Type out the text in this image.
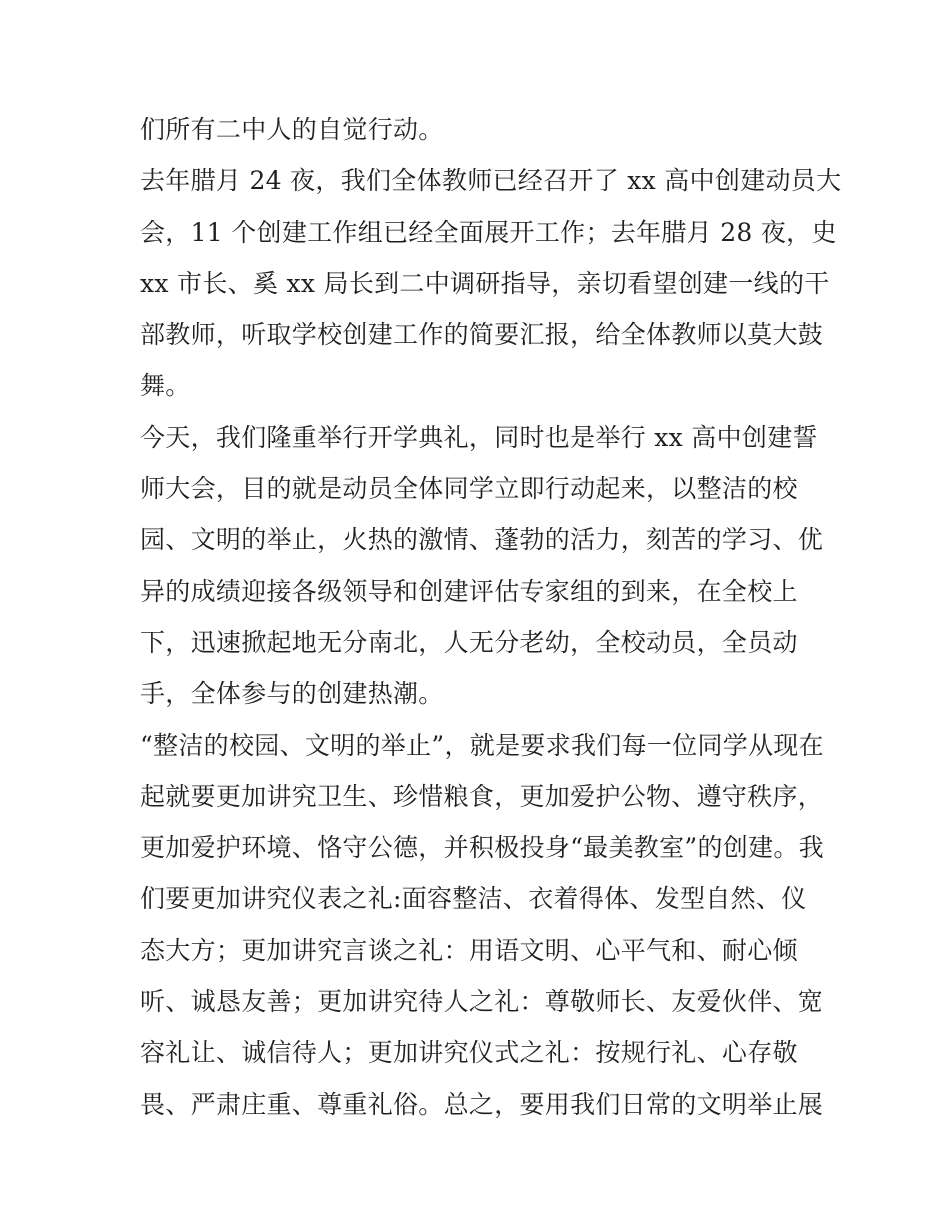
们所有二中人的自觉行动。
去年腊月 24 夜，我们全体教师已经召开了 xx 高中创建动员大
会，11 个创建工作组已经全面展开工作；去年腊月 28 夜，史
xx 市长、奚 xx 局长到二中调研指导，亲切看望创建一线的干
部教师，听取学校创建工作的简要汇报，给全体教师以莫大鼓
舞。
今天，我们隆重举行开学典礼，同时也是举行 xx 高中创建誓
师大会，目的就是动员全体同学立即行动起来，以整洁的校
园、文明的举止，火热的激情、蓬勃的活力，刻苦的学习、优
异的成绩迎接各级领导和创建评估专家组的到来，在全校上
下，迅速掀起地无分南北，人无分老幼，全校动员，全员动
手，全体参与的创建热潮。
“整洁的校园、文明的举止”，就是要求我们每一位同学从现在
起就要更加讲究卫生、珍惜粮食，更加爱护公物、遵守秩序，
更加爱护环境、恪守公德，并积极投身“最美教室”的创建。我
们要更加讲究仪表之礼:面容整洁、衣着得体、发型自然、仪
态大方；更加讲究言谈之礼：用语文明、心平气和、耐心倾
听、诚恳友善；更加讲究待人之礼：尊敬师长、友爱伙伴、宽
容礼让、诚信待人；更加讲究仪式之礼：按规行礼、心存敬
畏、严肃庄重、尊重礼俗。总之，要用我们日常的文明举止展
